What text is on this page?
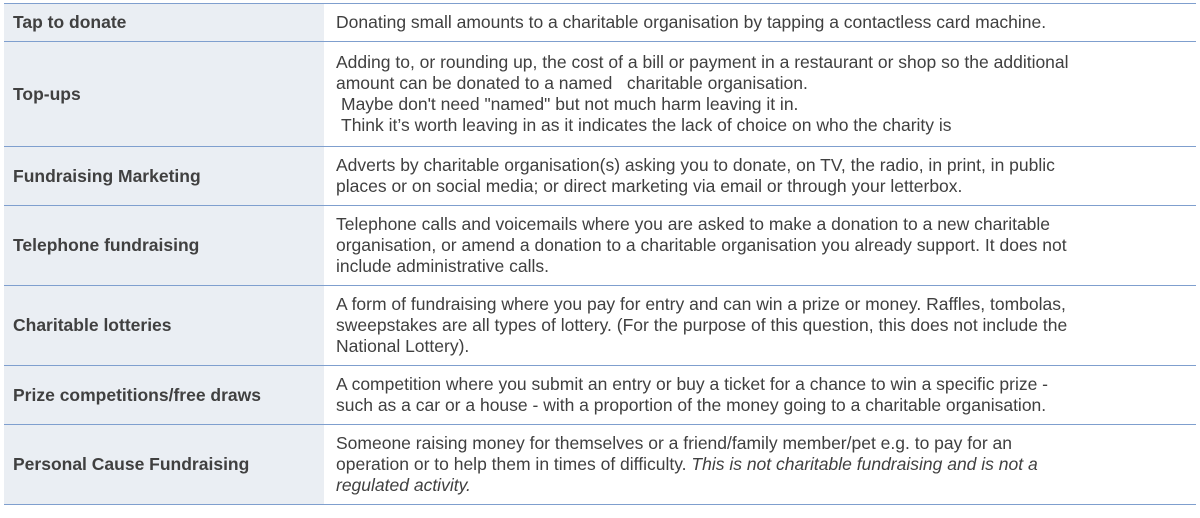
Tap to donate	Donating small amounts to a charitable organisation by tapping a contactless card machine.

Top-ups	Adding to, or rounding up, the cost of a bill or payment in a restaurant or shop so the additional
amount can be donated to a named   charitable organisation.
Maybe don't need "named" but not much harm leaving it in.
Think it’s worth leaving in as it indicates the lack of choice on who the charity is

Fundraising Marketing	Adverts by charitable organisation(s) asking you to donate, on TV, the radio, in print, in public
places or on social media; or direct marketing via email or through your letterbox.

Telephone fundraising	Telephone calls and voicemails where you are asked to make a donation to a new charitable
organisation, or amend a donation to a charitable organisation you already support. It does not
include administrative calls.

Charitable lotteries	A form of fundraising where you pay for entry and can win a prize or money. Raffles, tombolas,
sweepstakes are all types of lottery. (For the purpose of this question, this does not include the
National Lottery).

Prize competitions/free draws	A competition where you submit an entry or buy a ticket for a chance to win a specific prize -
such as a car or a house - with a proportion of the money going to a charitable organisation.

Personal Cause Fundraising	Someone raising money for themselves or a friend/family member/pet e.g. to pay for an
operation or to help them in times of difficulty. This is not charitable fundraising and is not a
regulated activity.
